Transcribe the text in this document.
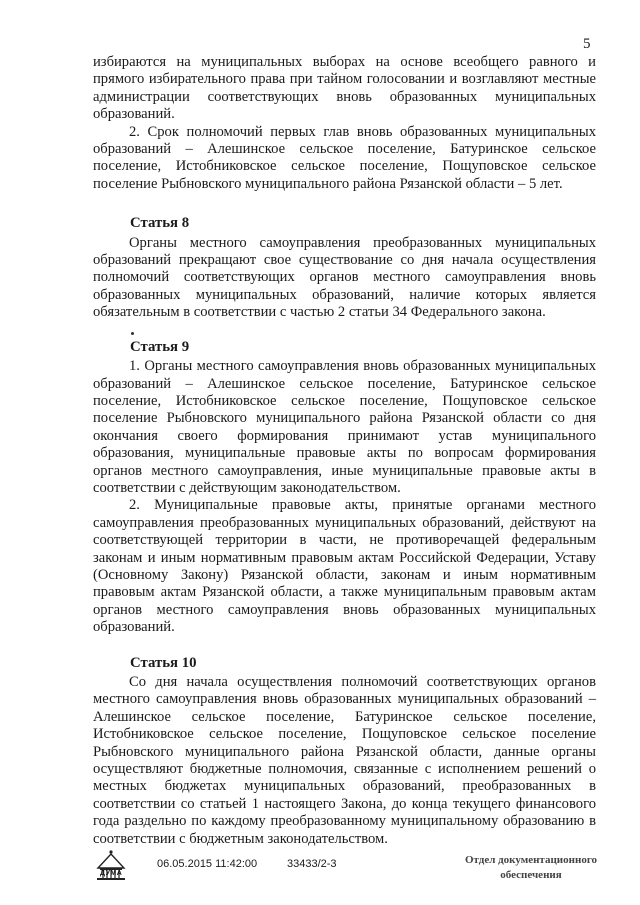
5

избираются на муниципальных выборах на основе всеобщего равного и прямого избирательного права при тайном голосовании и возглавляют местные администрации соответствующих вновь образованных муниципальных образований.

2. Срок полномочий первых глав вновь образованных муниципальных образований – Алешинское сельское поселение, Батуринское сельское поселение, Истобниковское сельское поселение, Пощуповское сельское поселение Рыбновского муниципального района Рязанской области – 5 лет.

Статья 8

Органы местного самоуправления преобразованных муниципальных образований прекращают свое существование со дня начала осуществления полномочий соответствующих органов местного самоуправления вновь образованных муниципальных образований, наличие которых является обязательным в соответствии с частью 2 статьи 34 Федерального закона.

Статья 9

1. Органы местного самоуправления вновь образованных муниципальных образований – Алешинское сельское поселение, Батуринское сельское поселение, Истобниковское сельское поселение, Пощуповское сельское поселение Рыбновского муниципального района Рязанской области со дня окончания своего формирования принимают устав муниципального образования, муниципальные правовые акты по вопросам формирования органов местного самоуправления, иные муниципальные правовые акты в соответствии с действующим законодательством.

2. Муниципальные правовые акты, принятые органами местного самоуправления преобразованных муниципальных образований, действуют на соответствующей территории в части, не противоречащей федеральным законам и иным нормативным правовым актам Российской Федерации, Уставу (Основному Закону) Рязанской области, законам и иным нормативным правовым актам Рязанской области, а также муниципальным правовым актам органов местного самоуправления вновь образованных муниципальных образований.

Статья 10

Со дня начала осуществления полномочий соответствующих органов местного самоуправления вновь образованных муниципальных образований – Алешинское сельское поселение, Батуринское сельское поселение, Истобниковское сельское поселение, Пощуповское сельское поселение Рыбновского муниципального района Рязанской области, данные органы осуществляют бюджетные полномочия, связанные с исполнением решений о местных бюджетах муниципальных образований, преобразованных в соответствии со статьей 1 настоящего Закона, до конца текущего финансового года раздельно по каждому преобразованному муниципальному образованию в соответствии с бюджетным законодательством.

ДУМА
06.05.2015 11:42:00	33433/2-3	Отдел документационного
обеспечения
